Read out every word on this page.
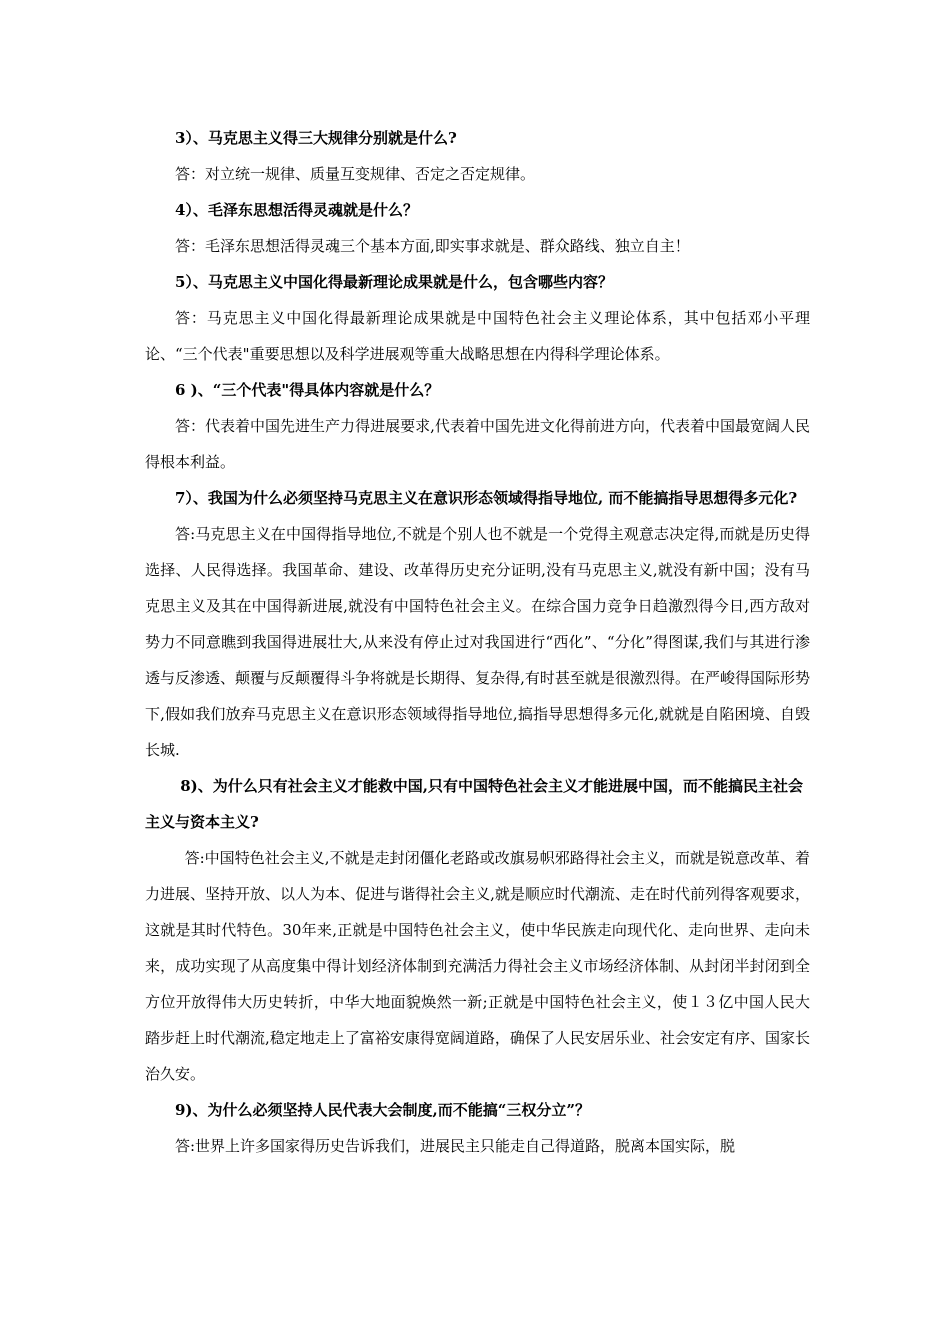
3）、马克思主义得三大规律分别就是什么?

答：对立统一规律、质量互变规律、否定之否定规律。

4）、毛泽东思想活得灵魂就是什么？

答：毛泽东思想活得灵魂三个基本方面,即实事求就是、群众路线、独立自主！

5）、马克思主义中国化得最新理论成果就是什么，包含哪些内容？

答：马克思主义中国化得最新理论成果就是中国特色社会主义理论体系，其中包括邓小平理论、“三个代表"重要思想以及科学进展观等重大战略思想在内得科学理论体系。

6 )、“三个代表"得具体内容就是什么？

答：代表着中国先进生产力得进展要求,代表着中国先进文化得前进方向，代表着中国最宽阔人民得根本利益。

7）、我国为什么必须坚持马克思主义在意识形态领域得指导地位, 而不能搞指导思想得多元化?

答:马克思主义在中国得指导地位,不就是个别人也不就是一个党得主观意志决定得,而就是历史得选择、人民得选择。我国革命、建设、改革得历史充分证明,没有马克思主义,就没有新中国；没有马克思主义及其在中国得新进展,就没有中国特色社会主义。在综合国力竞争日趋激烈得今日,西方敌对势力不同意瞧到我国得进展壮大,从来没有停止过对我国进行“西化”、“分化”得图谋,我们与其进行渗透与反渗透、颠覆与反颠覆得斗争将就是长期得、复杂得,有时甚至就是很激烈得。在严峻得国际形势下,假如我们放弃马克思主义在意识形态领域得指导地位,搞指导思想得多元化,就就是自陷困境、自毁长城.

8)、为什么只有社会主义才能救中国,只有中国特色社会主义才能进展中国，而不能搞民主社会主义与资本主义?

答:中国特色社会主义,不就是走封闭僵化老路或改旗易帜邪路得社会主义，而就是锐意改革、着力进展、坚持开放、以人为本、促进与谐得社会主义,就是顺应时代潮流、走在时代前列得客观要求，这就是其时代特色。30年来,正就是中国特色社会主义，使中华民族走向现代化、走向世界、走向未来，成功实现了从高度集中得计划经济体制到充满活力得社会主义市场经济体制、从封闭半封闭到全方位开放得伟大历史转折，中华大地面貌焕然一新;正就是中国特色社会主义，使１３亿中国人民大踏步赶上时代潮流,稳定地走上了富裕安康得宽阔道路，确保了人民安居乐业、社会安定有序、国家长治久安。

9)、为什么必须坚持人民代表大会制度,而不能搞“三权分立”？

答:世界上许多国家得历史告诉我们，进展民主只能走自己得道路，脱离本国实际，脱
